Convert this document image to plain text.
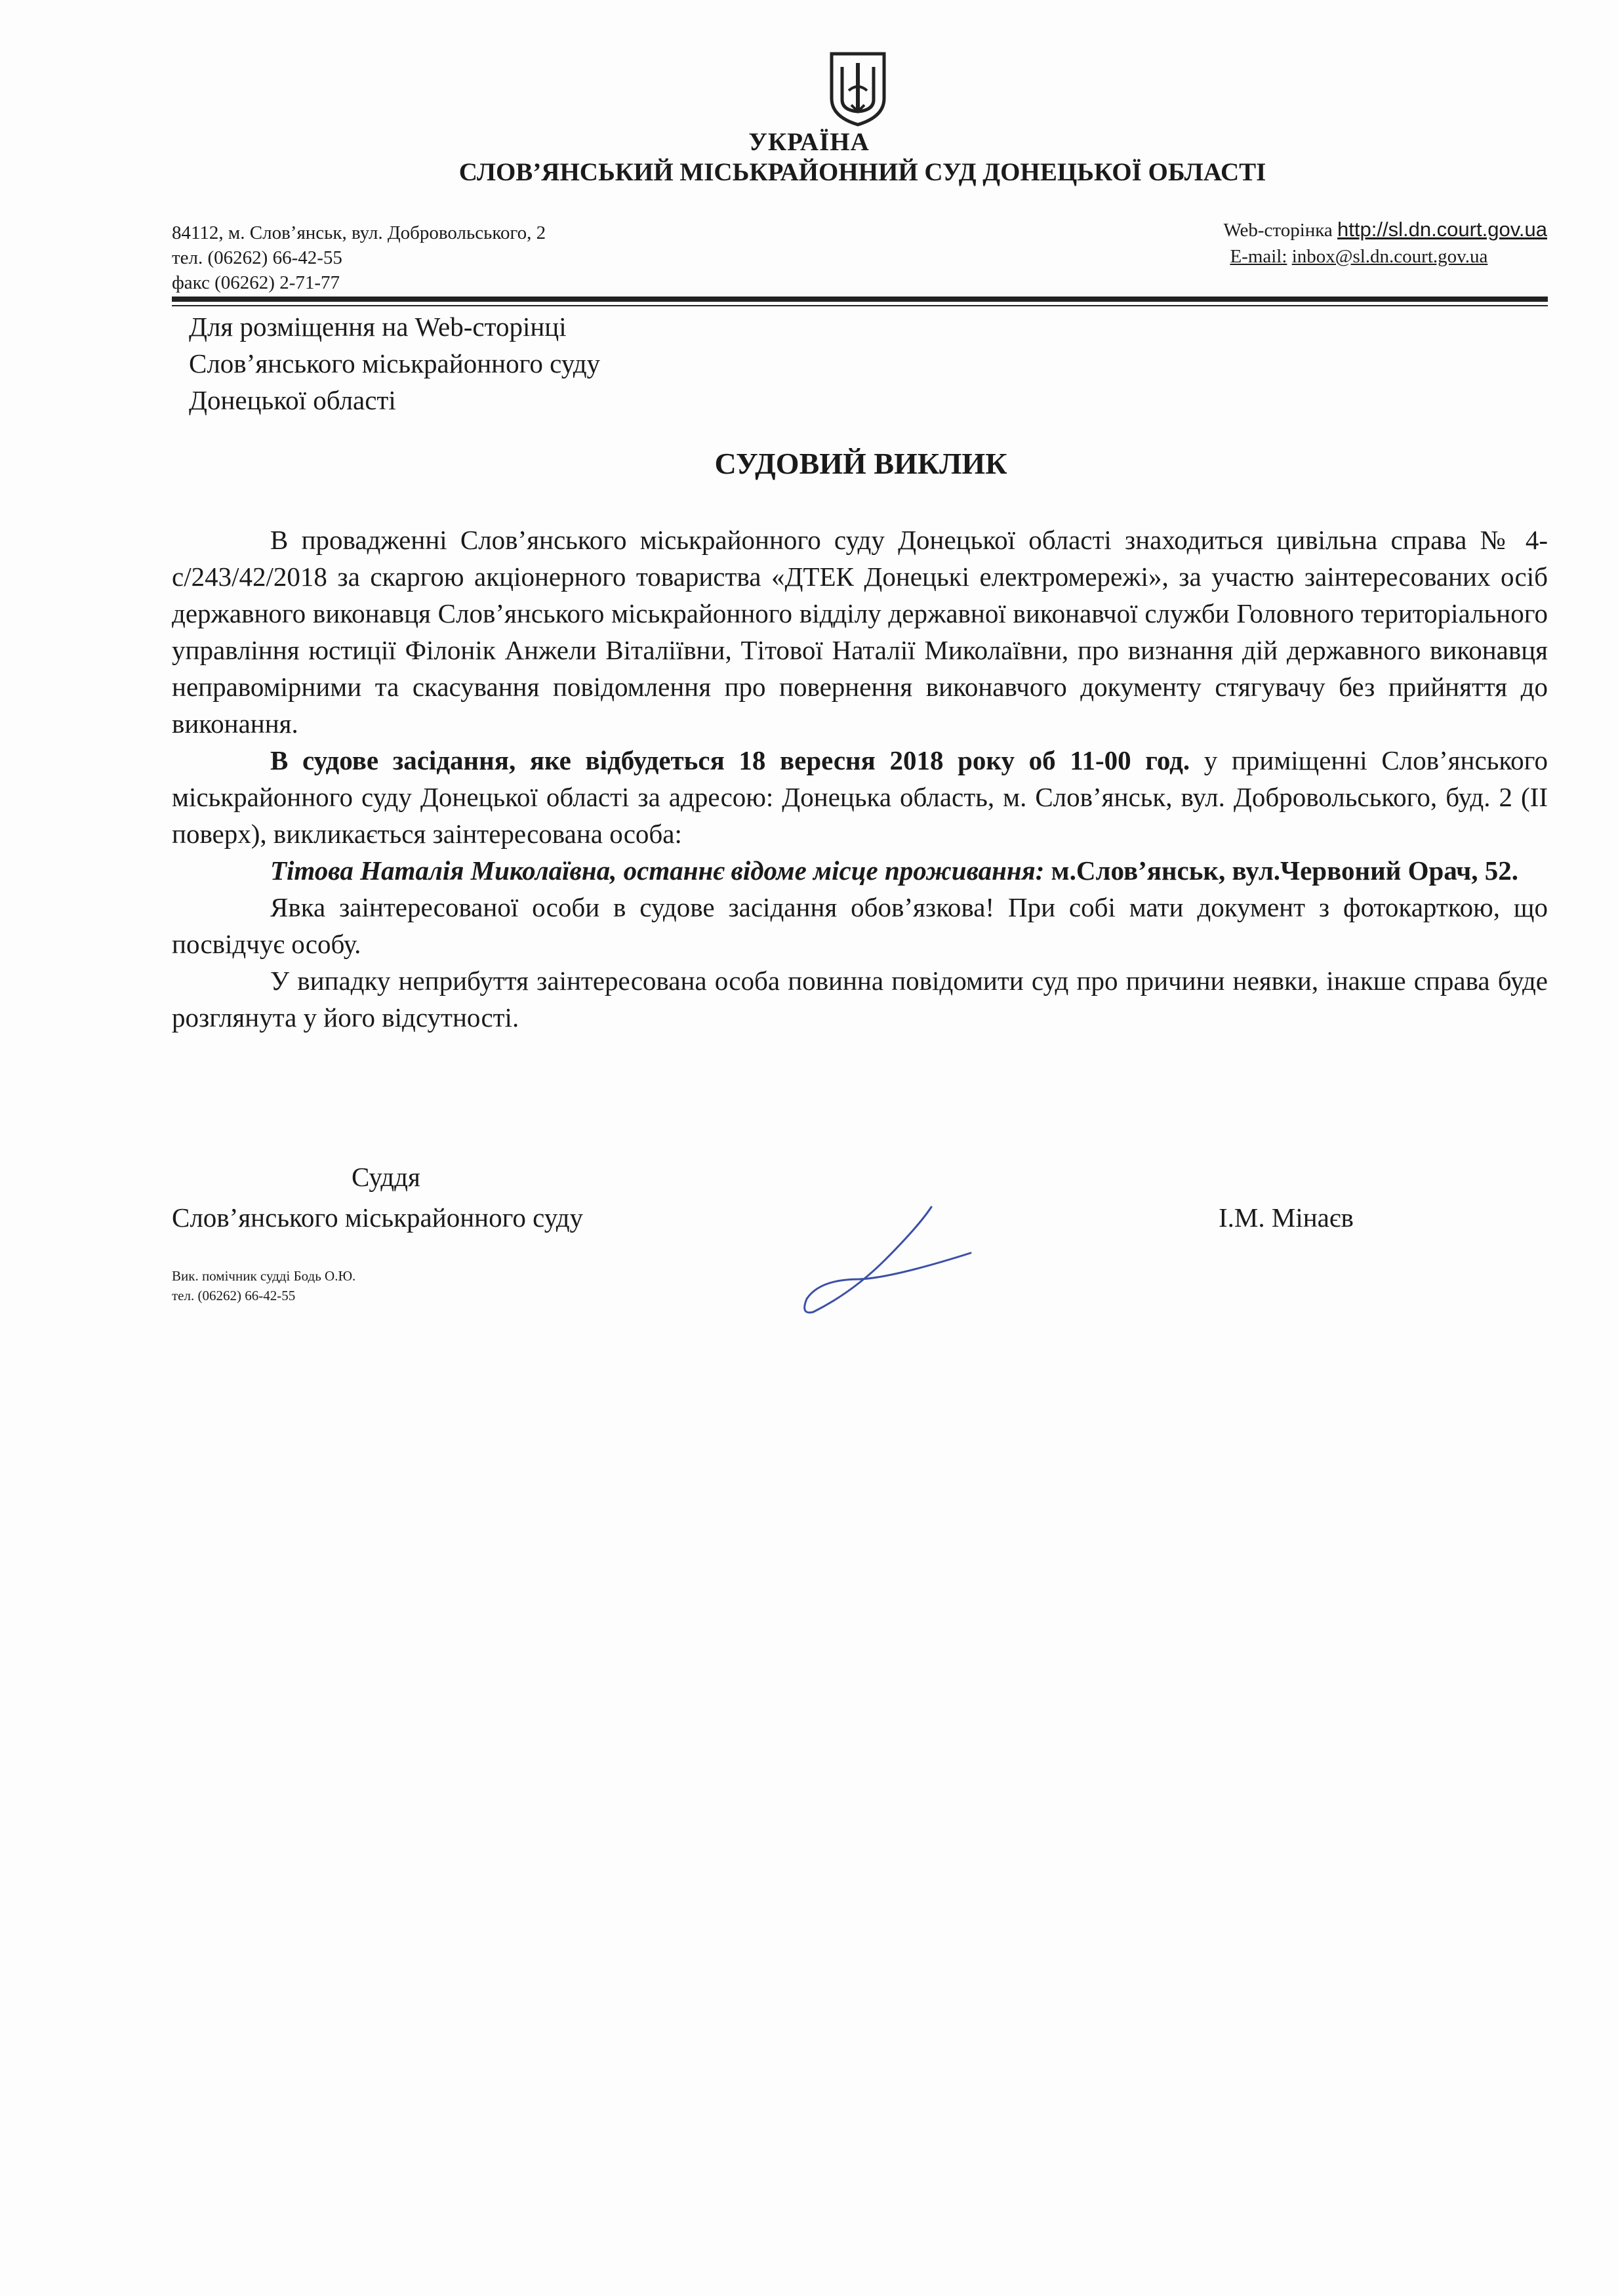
УКРАЇНА
СЛОВ’ЯНСЬКИЙ МІСЬКРАЙОННИЙ СУД ДОНЕЦЬКОЇ ОБЛАСТІ
84112, м. Слов’янськ, вул. Добровольського, 2
тел. (06262) 66-42-55
факс (06262) 2-71-77
Web-сторінка http://sl.dn.court.gov.ua
E-mail: inbox@sl.dn.court.gov.ua
Для розміщення на Web-сторінці
Слов’янського міськрайонного суду
Донецької області
СУДОВИЙ ВИКЛИК

В провадженні Слов’янського міськрайонного суду Донецької області знаходиться цивільна справа № 4-с/243/42/2018 за скаргою акціонерного товариства «ДТЕК Донецькі електромережі», за участю заінтересованих осіб державного виконавця Слов’янського міськрайонного відділу державної виконавчої служби Головного територіального управління юстиції Філонік Анжели Віталіївни, Тітової Наталії Миколаївни, про визнання дій державного виконавця неправомірними та скасування повідомлення про повернення виконавчого документу стягувачу без прийняття до виконання.

В судове засідання, яке відбудеться 18 вересня 2018 року об 11-00 год. у приміщенні Слов’янського міськрайонного суду Донецької області за адресою: Донецька область, м. Слов’янськ, вул. Добровольського, буд. 2 (ІІ поверх), викликається заінтересована особа:

Тітова Наталія Миколаївна, останнє відоме місце проживання: м.Слов’янськ, вул.Червоний Орач, 52.

Явка заінтересованої особи в судове засідання обов’язкова! При собі мати документ з фотокарткою, що посвідчує особу.

У випадку неприбуття заінтересована особа повинна повідомити суд про причини неявки, інакше справа буде розглянута у його відсутності.

Суддя
Слов’янського міськрайонного суду	І.М. Мінаєв
Вик. помічник судді Бодь О.Ю.
тел. (06262) 66-42-55
